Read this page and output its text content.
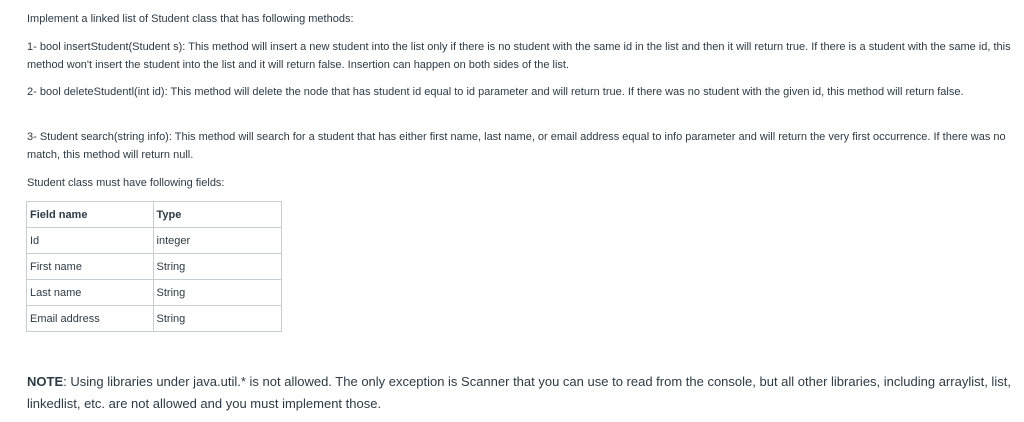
Implement a linked list of Student class that has following methods:

1- bool insertStudent(Student s): This method will insert a new student into the list only if there is no student with the same id in the list and then it will return true. If there is a student with the same id, this method won't insert the student into the list and it will return false. Insertion can happen on both sides of the list.

2- bool deleteStudentl(int id): This method will delete the node that has student id equal to id parameter and will return true. If there was no student with the given id, this method will return false.

3- Student search(string info): This method will search for a student that has either first name, last name, or email address equal to info parameter and will return the very first occurrence. If there was no match, this method will return null.

Student class must have following fields:

Field name	Type
Id	integer
First name	String
Last name	String
Email address	String

NOTE: Using libraries under java.util.* is not allowed. The only exception is Scanner that you can use to read from the console, but all other libraries, including arraylist, list, linkedlist, etc. are not allowed and you must implement those.
